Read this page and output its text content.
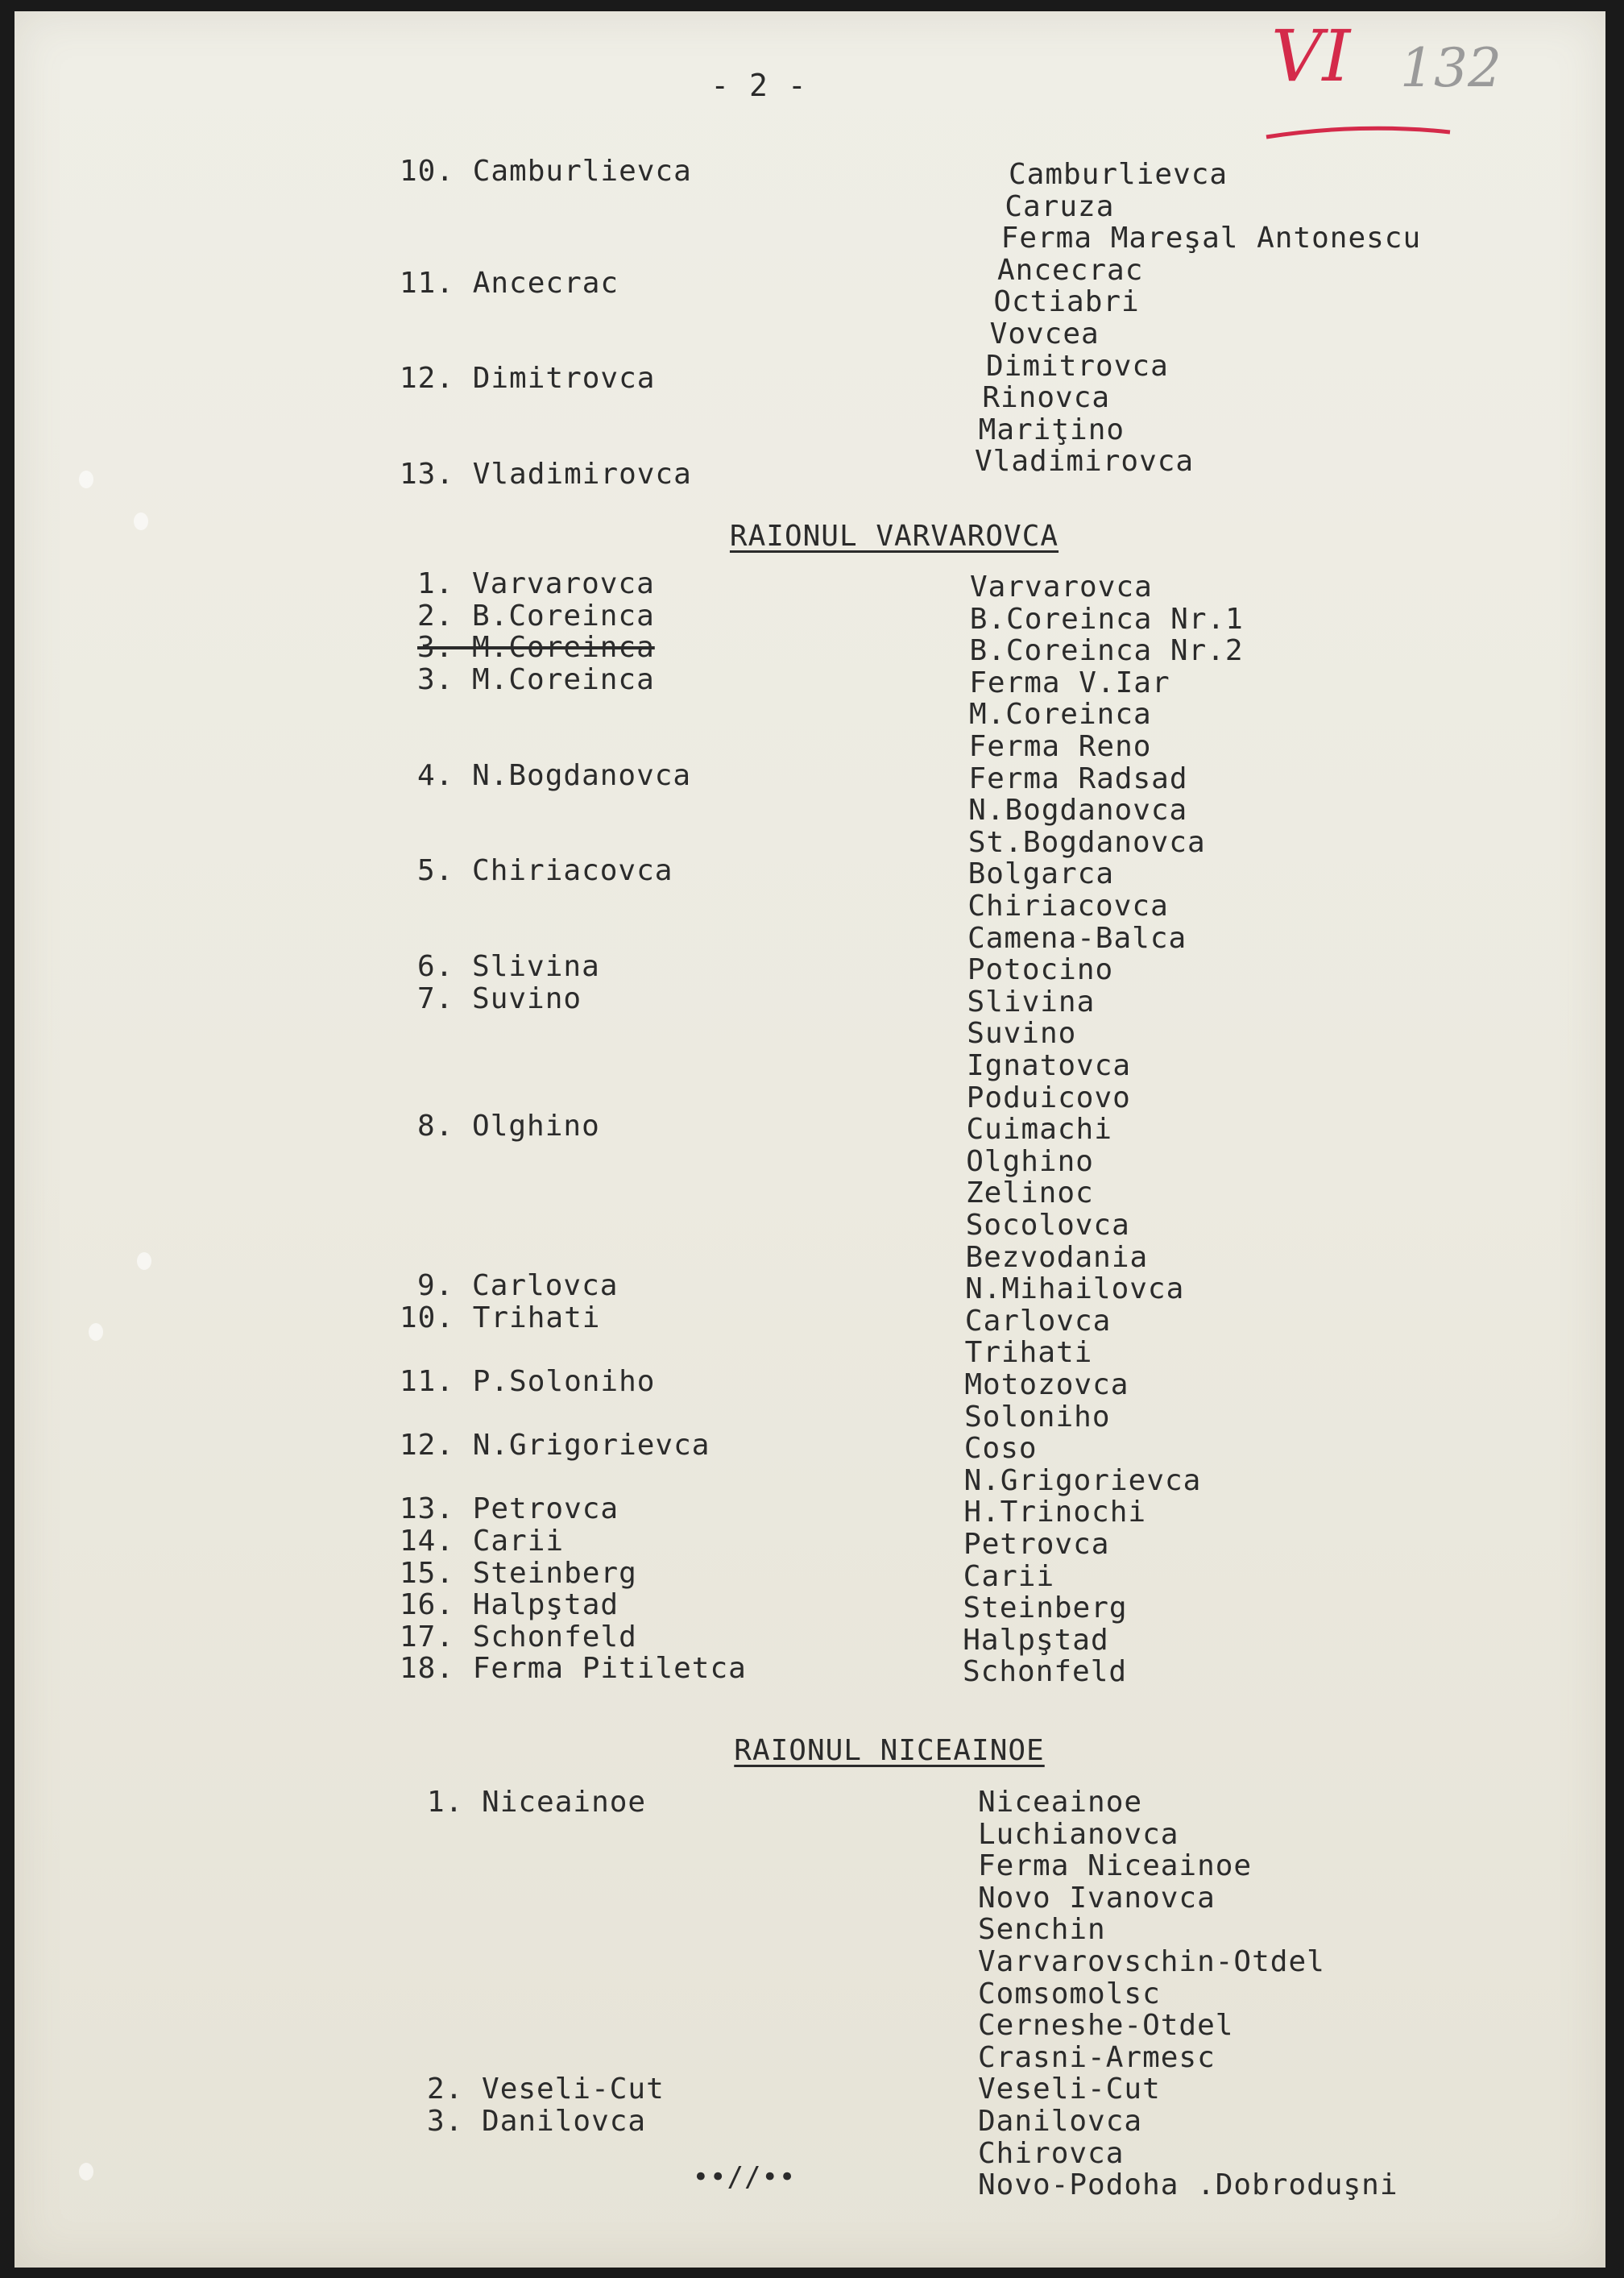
- 2 -	VI 132
10. Camburlievca
11. Ancecrac
12. Dimitrovca
13. Vladimirovca
Camburlievca
Caruza
Ferma Mareşal Antonescu
Ancecrac
Octiabri
Vovcea
Dimitrovca
Rinovca
Mariţino
Vladimirovca
RAIONUL VARVAROVCA
1. Varvarovca
2. B.Coreinca
3. M.Coreinca
3. M.Coreinca
4. N.Bogdanovca
5. Chiriacovca
6. Slivina
7. Suvino
8. Olghino
9. Carlovca
10. Trihati
11. P.Soloniho
12. N.Grigorievca
13. Petrovca
14. Carii
15. Steinberg
16. Halpştad
17. Schonfeld
18. Ferma Pitiletca
Varvarovca
B.Coreinca Nr.1
B.Coreinca Nr.2
Ferma V.Iar
M.Coreinca
Ferma Reno
Ferma Radsad
N.Bogdanovca
St.Bogdanovca
Bolgarca
Chiriacovca
Camena-Balca
Potocino
Slivina
Suvino
Ignatovca
Poduicovo
Cuimachi
Olghino
Zelinoc
Socolovca
Bezvodania
N.Mihailovca
Carlovca
Trihati
Motozovca
Soloniho
Coso
N.Grigorievca
H.Trinochi
Petrovca
Carii
Steinberg
Halpştad
Schonfeld
RAIONUL NICEAINOE
1. Niceainoe
2. Veseli-Cut
3. Danilovca
Niceainoe
Luchianovca
Ferma Niceainoe
Novo Ivanovca
Senchin
Varvarovschin-Otdel
Comsomolsc
Cerneshe-Otdel
Crasni-Armesc
Veseli-Cut
Danilovca
Chirovca
Novo-Podoha .Dobroduşni
••//••
